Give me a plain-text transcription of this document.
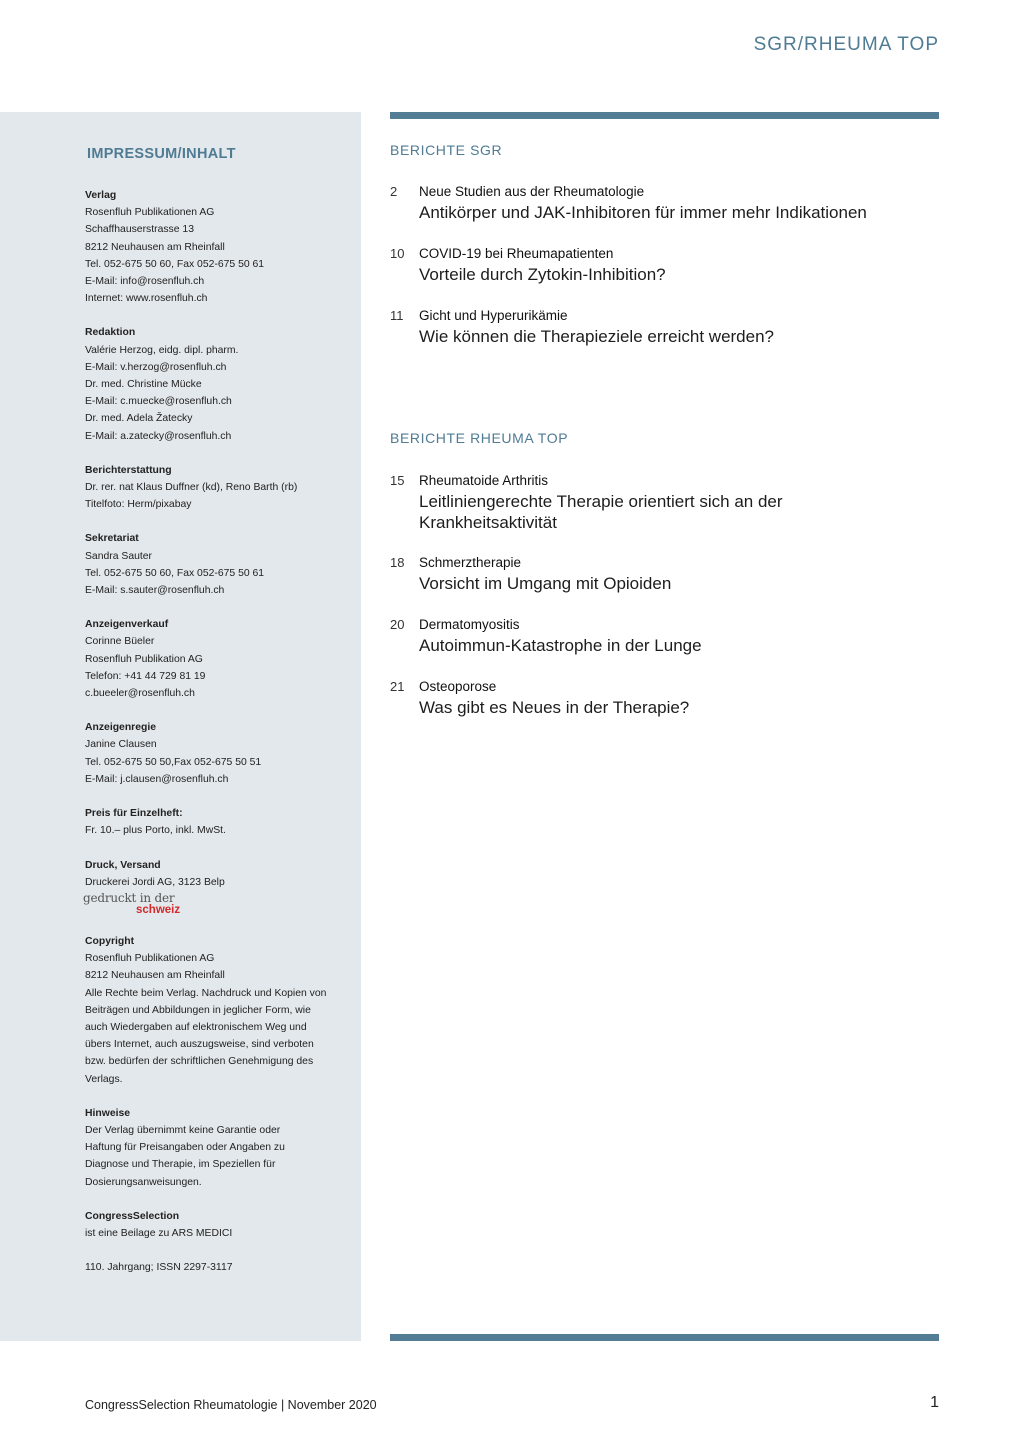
SGR/RHEUMA TOP
IMPRESSUM/INHALT
Verlag
Rosenfluh Publikationen AG
Schaffhauserstrasse 13
8212 Neuhausen am Rheinfall
Tel. 052-675 50 60, Fax 052-675 50 61
E-Mail: info@rosenfluh.ch
Internet: www.rosenfluh.ch
Redaktion
Valérie Herzog, eidg. dipl. pharm.
E-Mail: v.herzog@rosenfluh.ch
Dr. med. Christine Mücke
E-Mail: c.muecke@rosenfluh.ch
Dr. med. Adela Žatecky
E-Mail: a.zatecky@rosenfluh.ch
Berichterstattung
Dr. rer. nat Klaus Duffner (kd), Reno Barth (rb)
Titelfoto: Herm/pixabay
Sekretariat
Sandra Sauter
Tel. 052-675 50 60, Fax 052-675 50 61
E-Mail: s.sauter@rosenfluh.ch
Anzeigenverkauf
Corinne Büeler
Rosenfluh Publikation AG
Telefon: +41 44 729 81 19
c.bueeler@rosenfluh.ch
Anzeigenregie
Janine Clausen
Tel. 052-675 50 50,Fax 052-675 50 51
E-Mail: j.clausen@rosenfluh.ch
Preis für Einzelheft:
Fr. 10.– plus Porto, inkl. MwSt.
Druck, Versand
Druckerei Jordi AG, 3123 Belp
gedruckt in der
schweiz
Copyright
Rosenfluh Publikationen AG
8212 Neuhausen am Rheinfall
Alle Rechte beim Verlag. Nachdruck und Kopien von
Beiträgen und Abbildungen in jeglicher Form, wie
auch Wiedergaben auf elektronischem Weg und
übers Internet, auch auszugsweise, sind verboten
bzw. bedürfen der schriftlichen Genehmigung des
Verlags.
Hinweise
Der Verlag übernimmt keine Garantie oder
Haftung für Preisangaben oder Angaben zu
Diagnose und Therapie, im Speziellen für
Dosierungsanweisungen.
CongressSelection
ist eine Beilage zu ARS MEDICI
110. Jahrgang; ISSN 2297-3117
BERICHTE SGR
2	Neue Studien aus der Rheumatologie
Antikörper und JAK-Inhibitoren für immer mehr Indikationen
10	COVID-19 bei Rheumapatienten
Vorteile durch Zytokin-Inhibition?
11	Gicht und Hyperurikämie
Wie können die Therapieziele erreicht werden?
BERICHTE RHEUMA TOP
15	Rheumatoide Arthritis
Leitliniengerechte Therapie orientiert sich an der Krankheitsaktivität
18	Schmerztherapie
Vorsicht im Umgang mit Opioiden
20	Dermatomyositis
Autoimmun-Katastrophe in der Lunge
21	Osteoporose
Was gibt es Neues in der Therapie?
CongressSelection Rheumatologie | November 2020	1
